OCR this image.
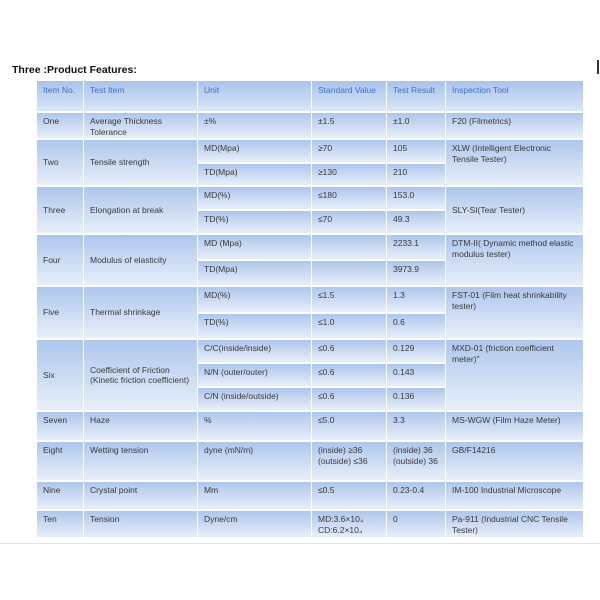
Three :Product Features:
Item No.	Test Item	Unit	Standard Value	Test Result	Inspection Tool
One	Average Thickness Tolerance	±%	±1.5	±1.0	F20 (Filmetrics)
Two	Tensile strength	MD(Mpa)	≥70	105	XLW (Intelligent Electronic Tensile Tester)
		TD(Mpa)	≥130	210	
Three	Elongation at break	MD(%)	≤180	153.0	SLY-SI(Tear Tester)
		TD(%)	≤70	49.3	
Four	Modulus of elasticity	MD (Mpa)		2233.1	DTM-II( Dynamic method elastic modulus tester)
		TD(Mpa)		3973.9	
Five	Thermal shrinkage	MD(%)	≤1.5	1.3	FST-01 (Film heat shrinkability tester)
		TD(%)	≤1.0	0.6	
Six	Coefficient of Friction (Kinetic friction coefficient)	C/C(inside/inside)	≤0.6	0.129	MXD-01 (friction coefficient meter)"
		N/N (outer/outer)	≤0.6	0.143	
		C/N (inside/outside)	≤0.6	0.136	
Seven	Haze	%	≤5.0	3.3	MS-WGW (Film Haze Meter)
Eight	Wetting tension	dyne (mN/m)	(inside) ≥36 (outside) ≤36	(inside) 36 (outside) 36	GB/F14216
Nine	Crystal point	Mm	≤0.5	0.23-0.4	IM-100 Industrial Microscope
Ten	Tension	Dyne/cm	MD:3.6×10₄ CD:6.2×10₄	0	Pa-911 (Industrial CNC Tensile Tester)
